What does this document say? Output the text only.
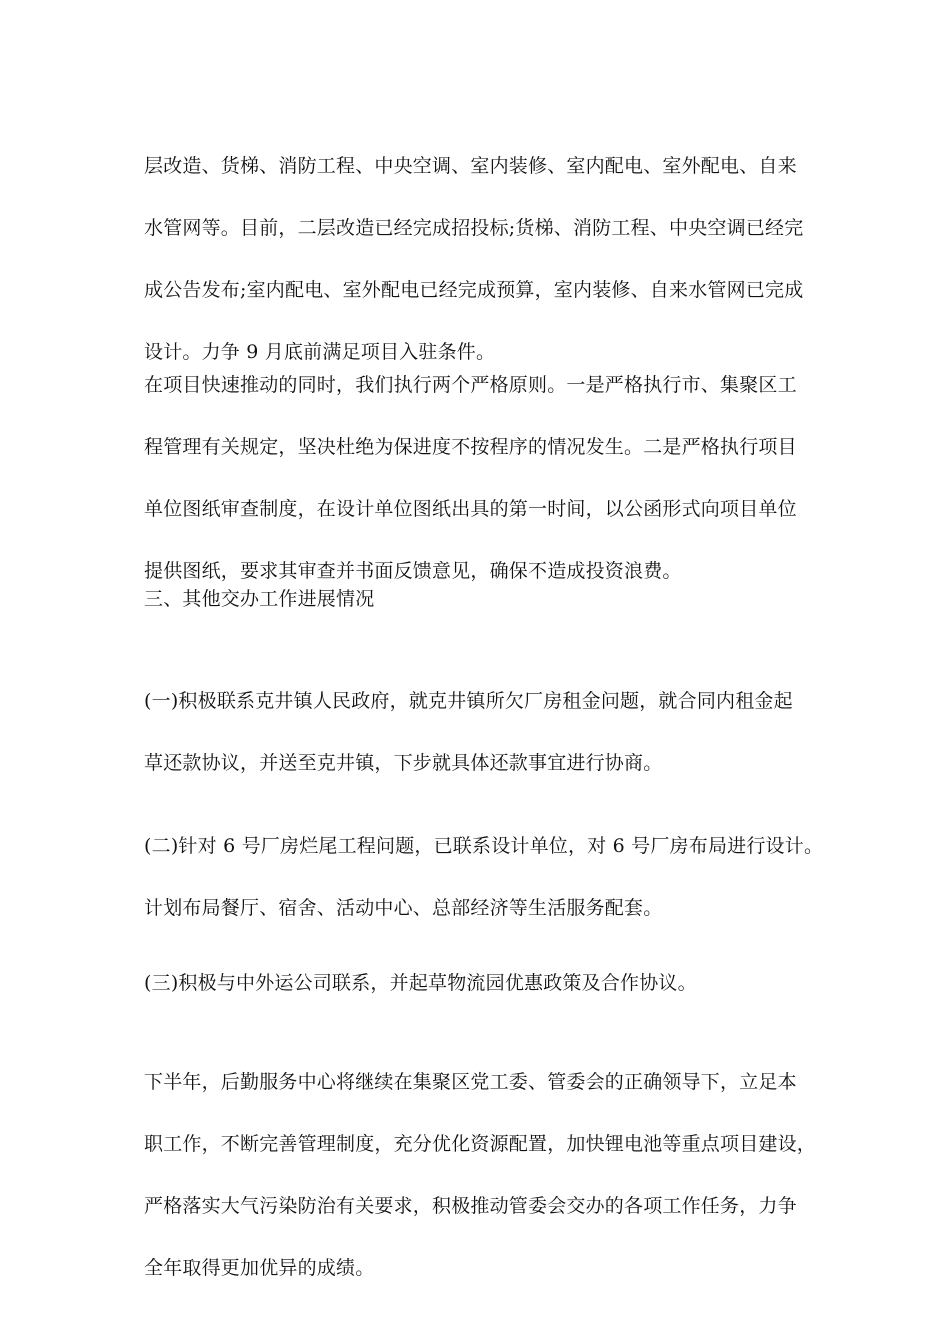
层改造、货梯、消防工程、中央空调、室内装修、室内配电、室外配电、自来

水管网等。目前，二层改造已经完成招投标;货梯、消防工程、中央空调已经完

成公告发布;室内配电、室外配电已经完成预算，室内装修、自来水管网已完成

设计。力争 9 月底前满足项目入驻条件。

在项目快速推动的同时，我们执行两个严格原则。一是严格执行市、集聚区工

程管理有关规定，坚决杜绝为保进度不按程序的情况发生。二是严格执行项目

单位图纸审查制度，在设计单位图纸出具的第一时间，以公函形式向项目单位

提供图纸，要求其审查并书面反馈意见，确保不造成投资浪费。

三、其他交办工作进展情况

(一)积极联系克井镇人民政府，就克井镇所欠厂房租金问题，就合同内租金起

草还款协议，并送至克井镇，下步就具体还款事宜进行协商。

(二)针对 6 号厂房烂尾工程问题，已联系设计单位，对 6 号厂房布局进行设计。

计划布局餐厅、宿舍、活动中心、总部经济等生活服务配套。

(三)积极与中外运公司联系，并起草物流园优惠政策及合作协议。

下半年，后勤服务中心将继续在集聚区党工委、管委会的正确领导下，立足本

职工作，不断完善管理制度，充分优化资源配置，加快锂电池等重点项目建设，

严格落实大气污染防治有关要求，积极推动管委会交办的各项工作任务，力争

全年取得更加优异的成绩。
